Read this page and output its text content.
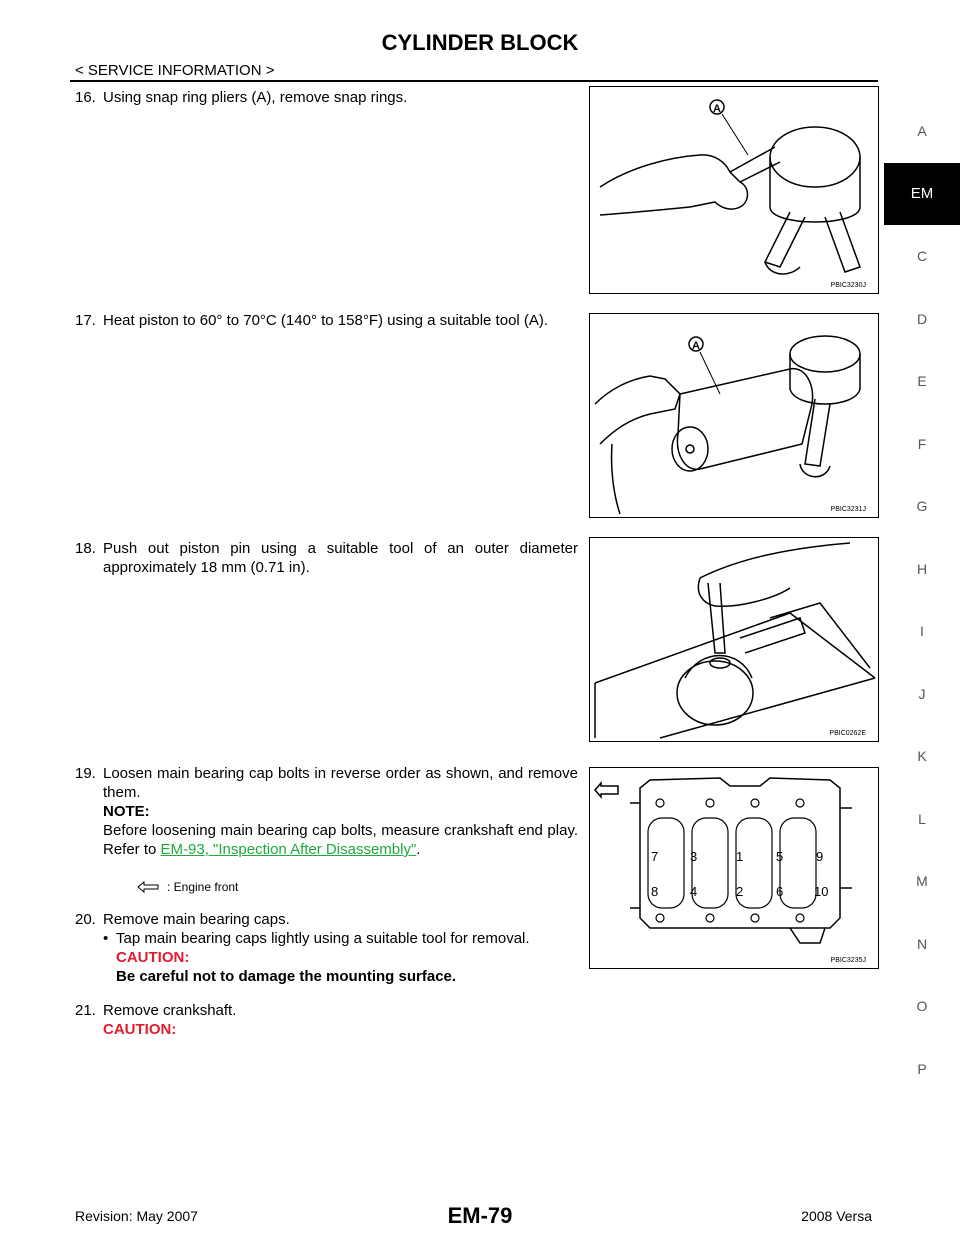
CYLINDER BLOCK
< SERVICE INFORMATION >
A
EM
C
D
E
F
G
H
I
J
K
L
M
N
O
P
16. Using snap ring pliers (A), remove snap rings.
17. Heat piston to 60° to 70°C (140° to 158°F) using a suitable tool (A).
18. Push out piston pin using a suitable tool of an outer diameter approximately 18 mm (0.71 in).
19. Loosen main bearing cap bolts in reverse order as shown, and remove them.
NOTE:
Before loosening main bearing cap bolts, measure crankshaft end play. Refer to EM-93, "Inspection After Disassembly".
: Engine front
20. Remove main bearing caps.
• Tap main bearing caps lightly using a suitable tool for removal.
CAUTION:
Be careful not to damage the mounting surface.
21. Remove crankshaft.
CAUTION:
A
PBIC3230J
A
PBIC3231J
PBIC0262E
7 3	1	5	9
8 4	2	6 10
PBIC3235J
Revision: May 2007	EM-79	2008 Versa
